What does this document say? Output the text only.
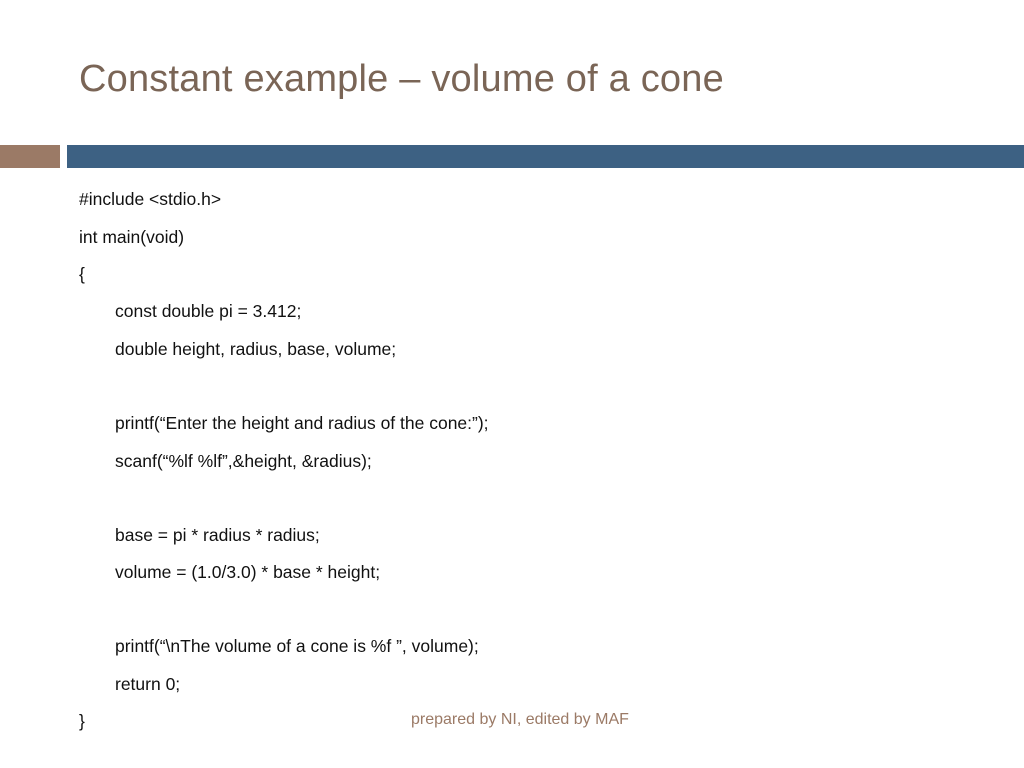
Constant example – volume of a cone
#include <stdio.h>
int main(void)
{
const double pi = 3.412;
double height, radius, base, volume;
printf(“Enter the height and radius of the cone:”);
scanf(“%lf %lf”,&height, &radius);
base = pi * radius * radius;
volume = (1.0/3.0) * base * height;
printf(“\nThe volume of a cone is %f ”, volume);
return 0;
}	prepared by NI, edited by MAF
